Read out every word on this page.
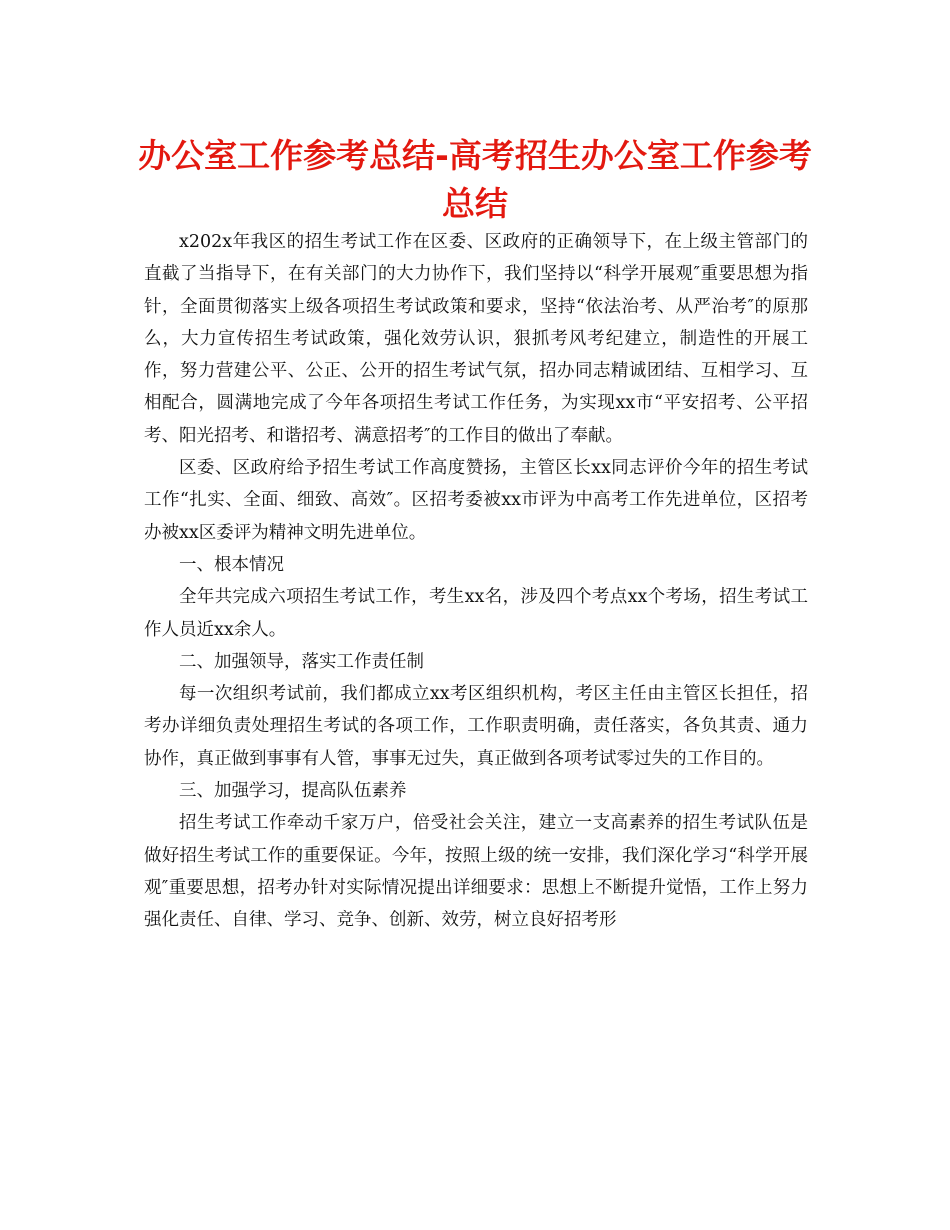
办公室工作参考总结-高考招生办公室工作参考总结

x202x年我区的招生考试工作在区委、区政府的正确领导下，在上级主管部门的直截了当指导下，在有关部门的大力协作下，我们坚持以“科学开展观″重要思想为指针，全面贯彻落实上级各项招生考试政策和要求，坚持“依法治考、从严治考″的原那么，大力宣传招生考试政策，强化效劳认识，狠抓考风考纪建立，制造性的开展工作，努力营建公平、公正、公开的招生考试气氛，招办同志精诚团结、互相学习、互相配合，圆满地完成了今年各项招生考试工作任务，为实现xx市“平安招考、公平招考、阳光招考、和谐招考、满意招考″的工作目的做出了奉献。

区委、区政府给予招生考试工作高度赞扬，主管区长xx同志评价今年的招生考试工作“扎实、全面、细致、高效″。区招考委被xx市评为中高考工作先进单位，区招考办被xx区委评为精神文明先进单位。

一、根本情况

全年共完成六项招生考试工作，考生xx名，涉及四个考点xx个考场，招生考试工作人员近xx余人。

二、加强领导，落实工作责任制

每一次组织考试前，我们都成立xx考区组织机构，考区主任由主管区长担任，招考办详细负责处理招生考试的各项工作，工作职责明确，责任落实，各负其责、通力协作，真正做到事事有人管，事事无过失，真正做到各项考试零过失的工作目的。

三、加强学习，提高队伍素养

招生考试工作牵动千家万户，倍受社会关注，建立一支高素养的招生考试队伍是做好招生考试工作的重要保证。今年，按照上级的统一安排，我们深化学习“科学开展观″重要思想，招考办针对实际情况提出详细要求：思想上不断提升觉悟，工作上努力强化责任、自律、学习、竞争、创新、效劳，树立良好招考形
